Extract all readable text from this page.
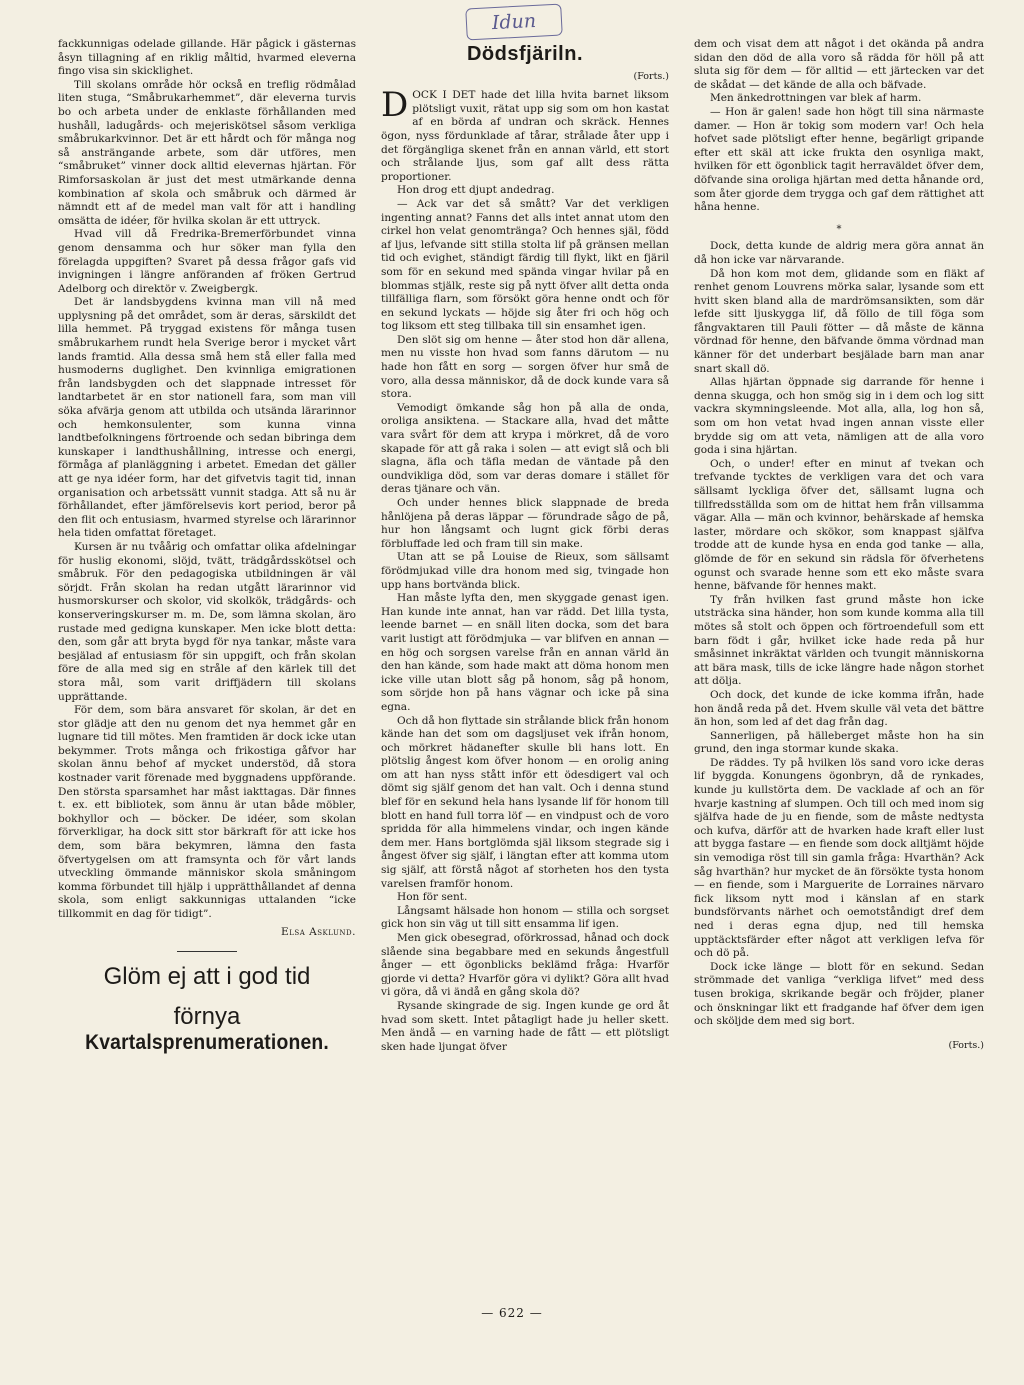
Idun

fackkunnigas odelade gillande. Här pågick i gästernas åsyn tillagning af en riklig måltid, hvarmed eleverna fingo visa sin skicklighet.

Till skolans område hör också en treflig rödmålad liten stuga, “Småbrukarhemmet”, där eleverna turvis bo och arbeta under de enklaste förhållanden med hushåll, ladugårds- och mejeriskötsel såsom verkliga småbrukarkvinnor. Det är ett hårdt och för många nog så ansträngande arbete, som där utföres, men “småbruket” vinner dock alltid elevernas hjärtan. För Rimforsaskolan är just det mest utmärkande denna kombination af skola och småbruk och därmed är nämndt ett af de medel man valt för att i handling omsätta de idéer, för hvilka skolan är ett uttryck.

Hvad vill då Fredrika-Bremerförbundet vinna genom densamma och hur söker man fylla den förelagda uppgiften? Svaret på dessa frågor gafs vid invigningen i längre anföranden af fröken Gertrud Adelborg och direktör v. Zweigbergk.

Det är landsbygdens kvinna man vill nå med upplysning på det området, som är deras, särskildt det lilla hemmet. På tryggad existens för många tusen småbrukarhem rundt hela Sverige beror i mycket vårt lands framtid. Alla dessa små hem stå eller falla med husmoderns duglighet. Den kvinnliga emigrationen från landsbygden och det slappnade intresset för landtarbetet är en stor nationell fara, som man vill söka afvärja genom att utbilda och utsända lärarinnor och hemkonsulenter, som kunna vinna landtbefolkningens förtroende och sedan bibringa dem kunskaper i landthushållning, intresse och energi, förmåga af planläggning i arbetet. Emedan det gäller att ge nya idéer form, har det gifvetvis tagit tid, innan organisation och arbetssätt vunnit stadga. Att så nu är förhållandet, efter jämförelsevis kort period, beror på den flit och entusiasm, hvarmed styrelse och lärarinnor hela tiden omfattat företaget.

Kursen är nu tvåårig och omfattar olika afdelningar för huslig ekonomi, slöjd, tvätt, trädgårdsskötsel och småbruk. För den pedagogiska utbildningen är väl sörjdt. Från skolan ha redan utgått lärarinnor vid husmorskurser och skolor, vid skolkök, trädgårds- och konserveringskurser m. m. De, som lämna skolan, äro rustade med gedigna kunskaper. Men icke blott detta: den, som går att bryta bygd för nya tankar, måste vara besjälad af entusiasm för sin uppgift, och från skolan före de alla med sig en stråle af den kärlek till det stora mål, som varit driffjädern till skolans upprättande.

För dem, som bära ansvaret för skolan, är det en stor glädje att den nu genom det nya hemmet går en lugnare tid till mötes. Men framtiden är dock icke utan bekymmer. Trots många och frikostiga gåfvor har skolan ännu behof af mycket understöd, då stora kostnader varit förenade med byggnadens uppförande. Den största sparsamhet har måst iakttagas. Där finnes t. ex. ett bibliotek, som ännu är utan både möbler, bokhyllor och — böcker. De idéer, som skolan förverkligar, ha dock sitt stor bärkraft för att icke hos dem, som bära bekymren, lämna den fasta öfvertygelsen om att framsynta och för vårt lands utveckling ömmande människor skola småningom komma förbundet till hjälp i upprätthållandet af denna skola, som enligt sakkunnigas uttalanden “icke tillkommit en dag för tidigt”.

Elsa Asklund.
Glöm ej att i god tid
förnya
Kvartalsprenumerationen.
Dödsfjäriln.
(Forts.)

DOCK I DET hade det lilla hvita barnet liksom plötsligt vuxit, rätat upp sig som om hon kastat af en börda af undran och skräck. Hennes ögon, nyss fördunklade af tårar, strålade åter upp i det förgängliga skenet från en annan värld, ett stort och strålande ljus, som gaf allt dess rätta proportioner.

Hon drog ett djupt andedrag.

— Ack var det så smått? Var det verkligen ingenting annat? Fanns det alls intet annat utom den cirkel hon velat genomtränga? Och hennes själ, född af ljus, lefvande sitt stilla stolta lif på gränsen mellan tid och evighet, ständigt färdig till flykt, likt en fjäril som för en sekund med spända vingar hvilar på en blommas stjälk, reste sig på nytt öfver allt detta onda tillfälliga flarn, som försökt göra henne ondt och för en sekund lyckats — höjde sig åter fri och hög och tog liksom ett steg tillbaka till sin ensamhet igen.

Den slöt sig om henne — åter stod hon där allena, men nu visste hon hvad som fanns därutom — nu hade hon fått en sorg — sorgen öfver hur små de voro, alla dessa människor, då de dock kunde vara så stora.

Vemodigt ömkande såg hon på alla de onda, oroliga ansiktena. — Stackare alla, hvad det måtte vara svårt för dem att krypa i mörkret, då de voro skapade för att gå raka i solen — att evigt slå och bli slagna, äfla och täfla medan de väntade på den oundvikliga död, som var deras domare i stället för deras tjänare och vän.

Och under hennes blick slappnade de breda hånlöjena på deras läppar — förundrade sågo de på, hur hon långsamt och lugnt gick förbi deras förbluffade led och fram till sin make.

Utan att se på Louise de Rieux, som sällsamt förödmjukad ville dra honom med sig, tvingade hon upp hans bortvända blick.

Han måste lyfta den, men skyggade genast igen. Han kunde inte annat, han var rädd. Det lilla tysta, leende barnet — en snäll liten docka, som det bara varit lustigt att förödmjuka — var blifven en annan — en hög och sorgsen varelse från en annan värld än den han kände, som hade makt att döma honom men icke ville utan blott såg på honom, såg på honom, som sörjde hon på hans vägnar och icke på sina egna.

Och då hon flyttade sin strålande blick från honom kände han det som om dagsljuset vek ifrån honom, och mörkret hädanefter skulle bli hans lott. En plötslig ångest kom öfver honom — en orolig aning om att han nyss stått inför ett ödesdigert val och dömt sig själf genom det han valt. Och i denna stund blef för en sekund hela hans lysande lif för honom till blott en hand full torra löf — en vindpust och de voro spridda för alla himmelens vindar, och ingen kände dem mer. Hans bortglömda själ liksom stegrade sig i ångest öfver sig själf, i längtan efter att komma utom sig själf, att förstå något af storheten hos den tysta varelsen framför honom.

Hon för sent.

Långsamt hälsade hon honom — stilla och sorgset gick hon sin väg ut till sitt ensamma lif igen.

Men gick obesegrad, oförkrossad, hånad och dock slående sina begabbare med en sekunds ångestfull ånger — ett ögonblicks beklämd fråga: Hvarför gjorde vi detta? Hvarför göra vi dylikt? Göra allt hvad vi göra, då vi ändå en gång skola dö?

Rysande skingrade de sig. Ingen kunde ge ord åt hvad som skett. Intet påtagligt hade ju heller skett. Men ändå — en varning hade de fått — ett plötsligt sken hade ljungat öfver

dem och visat dem att något i det okända på andra sidan den död de alla voro så rädda för höll på att sluta sig för dem — för alltid — ett järtecken var det de skådat — det kände de alla och bäfvade.

Men änkedrottningen var blek af harm.

— Hon är galen! sade hon högt till sina närmaste damer. — Hon är tokig som modern var! Och hela hofvet sade plötsligt efter henne, begärligt gripande efter ett skäl att icke frukta den osynliga makt, hvilken för ett ögonblick tagit herraväldet öfver dem, döfvande sina oroliga hjärtan med detta hånande ord, som åter gjorde dem trygga och gaf dem rättighet att håna henne.

*

Dock, detta kunde de aldrig mera göra annat än då hon icke var närvarande.

Då hon kom mot dem, glidande som en fläkt af renhet genom Louvrens mörka salar, lysande som ett hvitt sken bland alla de mardrömsansikten, som där lefde sitt ljuskygga lif, då föllo de till föga som fångvaktaren till Pauli fötter — då måste de känna vördnad för henne, den bäfvande ömma vördnad man känner för det underbart besjälade barn man anar snart skall dö.

Allas hjärtan öppnade sig darrande för henne i denna skugga, och hon smög sig in i dem och log sitt vackra skymningsleende. Mot alla, alla, log hon så, som om hon vetat hvad ingen annan visste eller brydde sig om att veta, nämligen att de alla voro goda i sina hjärtan.

Och, o under! efter en minut af tvekan och trefvande tycktes de verkligen vara det och vara sällsamt lyckliga öfver det, sällsamt lugna och tillfredsställda som om de hittat hem från villsamma vägar. Alla — män och kvinnor, behärskade af hemska laster, mördare och skökor, som knappast själfva trodde att de kunde hysa en enda god tanke — alla, glömde de för en sekund sin rädsla för öfverhetens ogunst och svarade henne som ett eko måste svara henne, bäfvande för hennes makt.

Ty från hvilken fast grund måste hon icke utsträcka sina händer, hon som kunde komma alla till mötes så stolt och öppen och förtroendefull som ett barn födt i går, hvilket icke hade reda på hur småsinnet inkräktat världen och tvungit människorna att bära mask, tills de icke längre hade någon storhet att dölja.

Och dock, det kunde de icke komma ifrån, hade hon ändå reda på det. Hvem skulle väl veta det bättre än hon, som led af det dag från dag.

Sannerligen, på hälleberget måste hon ha sin grund, den inga stormar kunde skaka.

De räddes. Ty på hvilken lös sand voro icke deras lif byggda. Konungens ögonbryn, då de rynkades, kunde ju kullstörta dem. De vacklade af och an för hvarje kastning af slumpen. Och till och med inom sig själfva hade de ju en fiende, som de måste nedtysta och kufva, därför att de hvarken hade kraft eller lust att bygga fastare — en fiende som dock alltjämt höjde sin vemodiga röst till sin gamla fråga: Hvarthän? Ack såg hvarthän? hur mycket de än försökte tysta honom — en fiende, som i Marguerite de Lorraines närvaro fick liksom nytt mod i känslan af en stark bundsförvants närhet och oemotståndigt dref dem ned i deras egna djup, ned till hemska upptäcktsfärder efter något att verkligen lefva för och dö på.

Dock icke länge — blott för en sekund. Sedan strömmade det vanliga “verkliga lifvet” med dess tusen brokiga, skrikande begär och fröjder, planer och önskningar likt ett fradgande haf öfver dem igen och sköljde dem med sig bort.

(Forts.)
— 622 —
